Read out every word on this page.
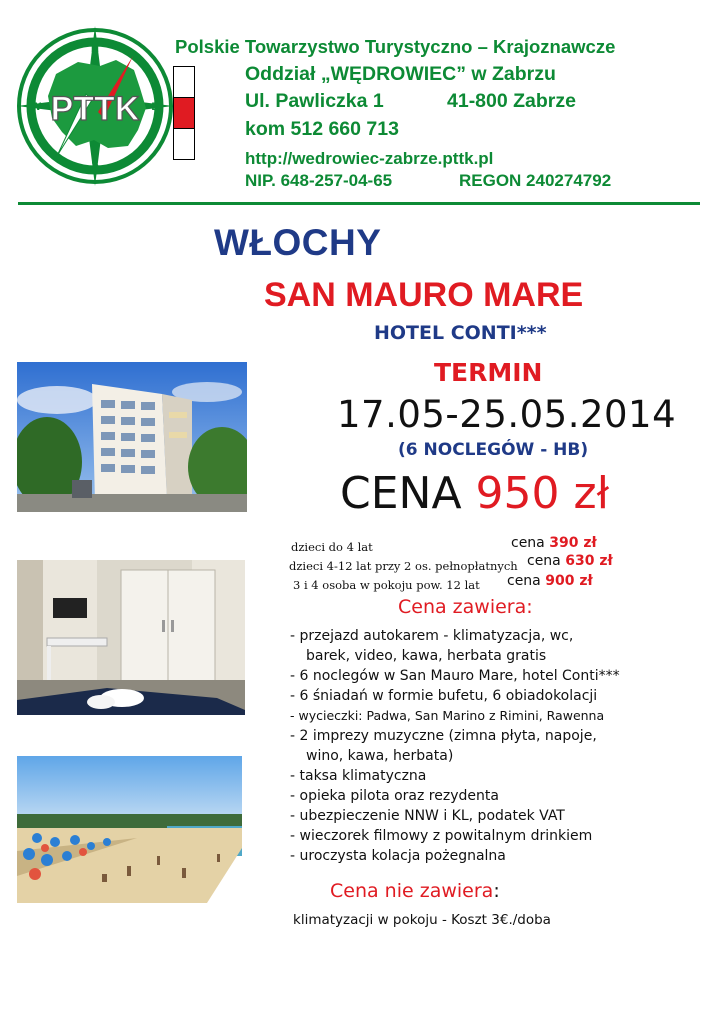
PTTK
N
E
S
W
Polskie Towarzystwo Turystyczno – Krajoznawcze
Oddział „WĘDROWIEC” w Zabrzu
Ul. Pawliczka 1	41-800 Zabrze
kom 512 660 713
http://wedrowiec-zabrze.pttk.pl
NIP. 648-257-04-65	REGON 240274792
WŁOCHY
SAN MAURO MARE
HOTEL CONTI***
TERMIN
17.05-25.05.2014
(6 NOCLEGÓW - HB)
CENA 950 zł
dzieci do 4 lat	cena 390 zł
dzieci 4-12 lat przy 2 os. pełnopłatnych cena 630 zł
3 i 4 osoba w pokoju pow. 12 lat cena 900 zł
Cena zawiera:
- przejazd autokarem - klimatyzacja, wc,
barek, video, kawa, herbata gratis
- 6 noclegów w San Mauro Mare, hotel Conti***
- 6 śniadań w formie bufetu, 6 obiadokolacji
- wycieczki: Padwa, San Marino z Rimini, Rawenna
- 2 imprezy muzyczne (zimna płyta, napoje,
wino, kawa, herbata)
- taksa klimatyczna
- opieka pilota oraz rezydenta
- ubezpieczenie NNW i KL, podatek VAT
- wieczorek filmowy z powitalnym drinkiem
- uroczysta kolacja pożegnalna
Cena nie zawiera:
klimatyzacji w pokoju - Koszt 3€./doba
